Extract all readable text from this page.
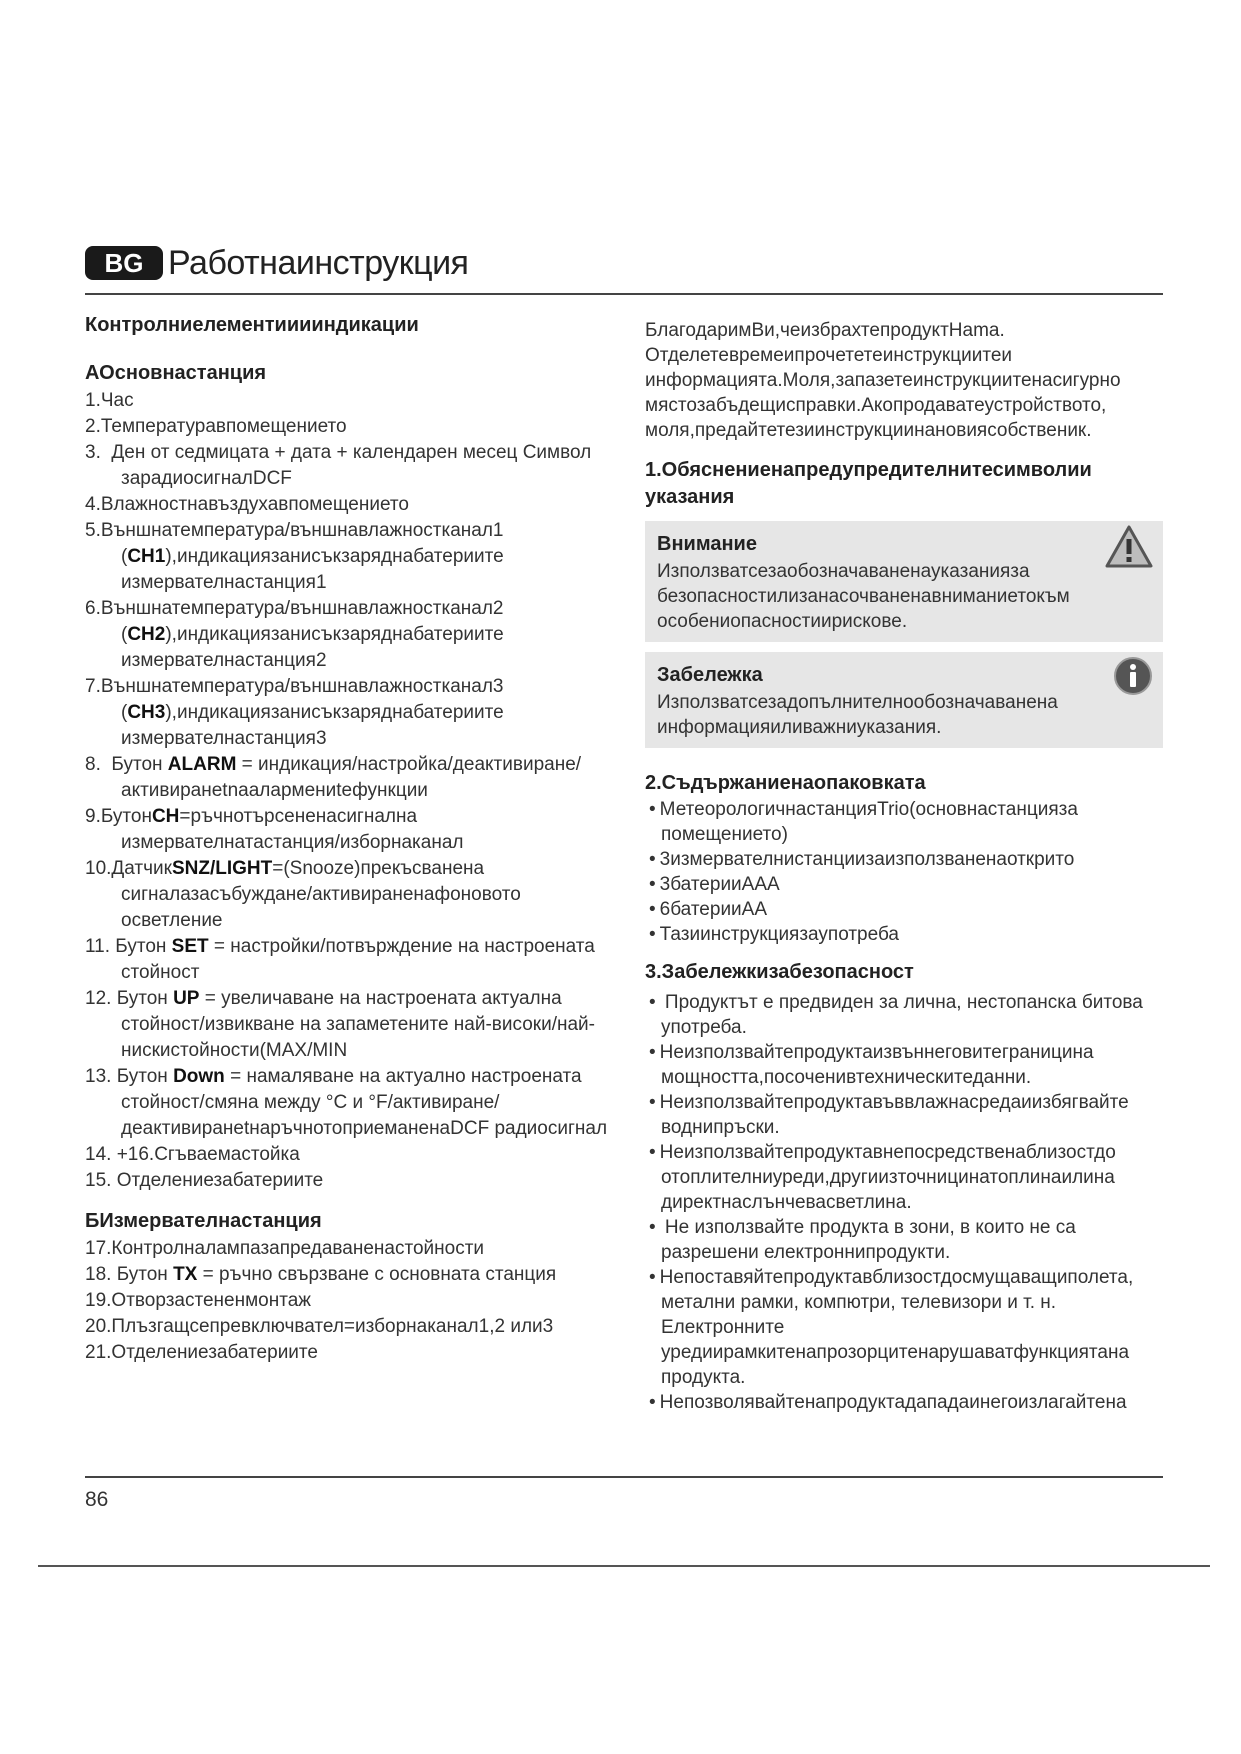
BG Работнаинструкция
Контролниелементииииндикации
АОсновнастанция
1.Час
2.Температуравпомещението
3.  Ден от седмицата + дата + календарен месец Символ зарадиосигналDCF
4.Влажностнавъздухавпомещението
5.Външнатемпература/външнавлажностканал1 (CH1),индикациязанисъкзаряднабатериите измервателнастанция1
6.Външнатемпература/външнавлажностканал2 (CH2),индикациязанисъкзаряднабатериите измервателнастанция2
7.Външнатемпература/външнавлажностканал3 (CH3),индикациязанисъкзаряднабатериите измервателнастанция3
8.  Бутон ALARM = индикация/настройка/деактивиране/ активиранеtnаалармениtефункции
9.БутонCH=ръчнотърсененасигнална измервателнатастанция/изборнаканал
10.ДатчикSNZ/LIGHT=(Snooze)прекъсванена сигналазасъбуждане/активираненафоновото осветление
11. Бутон SET = настройки/потвърждение на настроената стойност
12. Бутон UP = увеличаване на настроената актуална стойност/извикване на запаметените най-високи/най-нискистойности(MAX/MIN
13. Бутон Down = намаляване на актуално настроената стойност/смяна между °C и °F/активиране/ деактивиранеtнаръчнотоприеманенаDCF радиосигнал
14. +16.Сгъваемастойка
15. Отделениезабатериите
БИзмервателнастанция
17.Контролналампазапредаваненастойности
18. Бутон TX = ръчно свързване с основната станция
19.Отворзастененмонтаж
20.Плъзгащсепревключвател=изборнаканал1,2 или3
21.Отделениезабатериите
БлагодаримВи,чеизбрахтепродуктHama. Отделетевремеипрочететеинструкциитеи информацията.Моля,запазетеинструкциитенасигурно мястозабъдещисправки.Акопродаватеустройството, моля,предайтетезиинструкциинановиясобственик.
1.Обяснениенапредупредителнитесимволии указания
Внимание
Използватсезаобозначаваненауказанияза безопасностилизанасочваненавниманиетокъм особениопасностиирискове.
Забележка
Използватсезадопълнителнообозначаванена информацияиливажниуказания.
2.Съдържаниенаопаковката
• МетеорологичнастанцияTrio(основнастанцияза помещението)
• 3измервателнистанциизаизползваненаоткрито
• 3батерииAAA
• 6батерииAA
• Тазиинструкциязаупотреба
3.Забележкизабезопасност
• Продуктът е предвиден за лична, нестопанска битова употреба.
• Неизползвайтепродуктаизвъннеговитеграницина мощността,посоченивтехническитеданни.
• Неизползвайтепродуктавъввлажнасредаиизбягвайте воднипръски.
• Неизползвайтепродуктавнепосредственаблизостдо отоплителниуреди,другиизточницинатоплинаилина директнаслънчевасветлина.
• Не използвайте продукта в зони, в които не са разрешени електроннипродукти.
• Непоставяйтепродуктавблизостдосмущаващиполета, метални рамки, компютри, телевизори и т. н. Електронните уредиирамкитенапрозорцитенарушаватфункциятана продукта.
• Непозволявайтенапродуктадападаинегоизлагайтена
86
